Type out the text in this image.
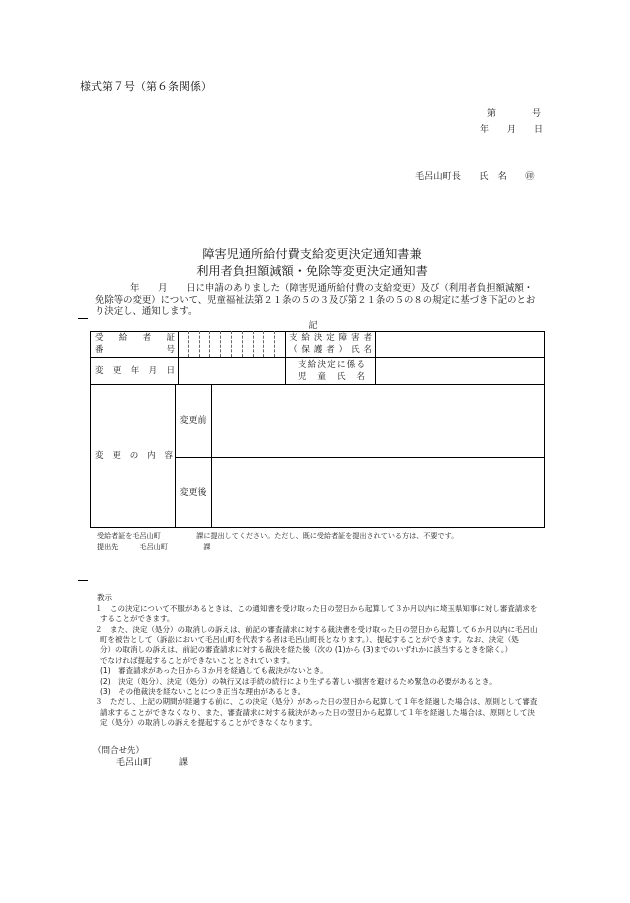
様式第７号（第６条関係）
第　　　　号
年　　月　　日
毛呂山町長　　氏　名　　㊞
障害児通所給付費支給変更決定通知書兼
利用者負担額減額・免除等変更決定通知書
年　　月　　日に申請のありました（障害児通所給付費の支給変更）及び（利用者負担額減額・
免除等の変更）について、児童福祉法第２１条の５の３及び第２１条の５の８の規定に基づき下記のとお
り決定し、通知します。
記
受給者証
番号
支給決定障害者
（保護者）氏名
変更年月日
支給決定に係る
児童氏名
変更の内容
変更前
変更後
受給者証を毛呂山町　　　　　課に提出してください。ただし、既に受給者証を提出されている方は、不要です。
提出先　　　毛呂山町　　　　　課
教示
１　この決定について不服があるときは、この通知書を受け取った日の翌日から起算して３か月以内に埼玉県知事に対し審査請求を
することができます。
２　また、決定（処分）の取消しの訴えは、前記の審査請求に対する裁決書を受け取った日の翌日から起算して６か月以内に毛呂山
町を被告として（訴訟において毛呂山町を代表する者は毛呂山町長となります。）、提起することができます。なお、決定（処
分）の取消しの訴えは、前記の審査請求に対する裁決を経た後（次の (1)から (3)までのいずれかに該当するときを除く。）
でなければ提起することができないこととされています。
(1)　審査請求があった日から３か月を経過しても裁決がないとき。
(2)　決定（処分）、決定（処分）の執行又は手続の続行により生ずる著しい損害を避けるため緊急の必要があるとき。
(3)　その他裁決を経ないことにつき正当な理由があるとき。
３　ただし、上記の期間が経過する前に、この決定（処分）があった日の翌日から起算して１年を経過した場合は、原則として審査
請求することができなくなり、また、審査請求に対する裁決があった日の翌日から起算して１年を経過した場合は、原則として決
定（処分）の取消しの訴えを提起することができなくなります。
（問合せ先）
毛呂山町　　　課
